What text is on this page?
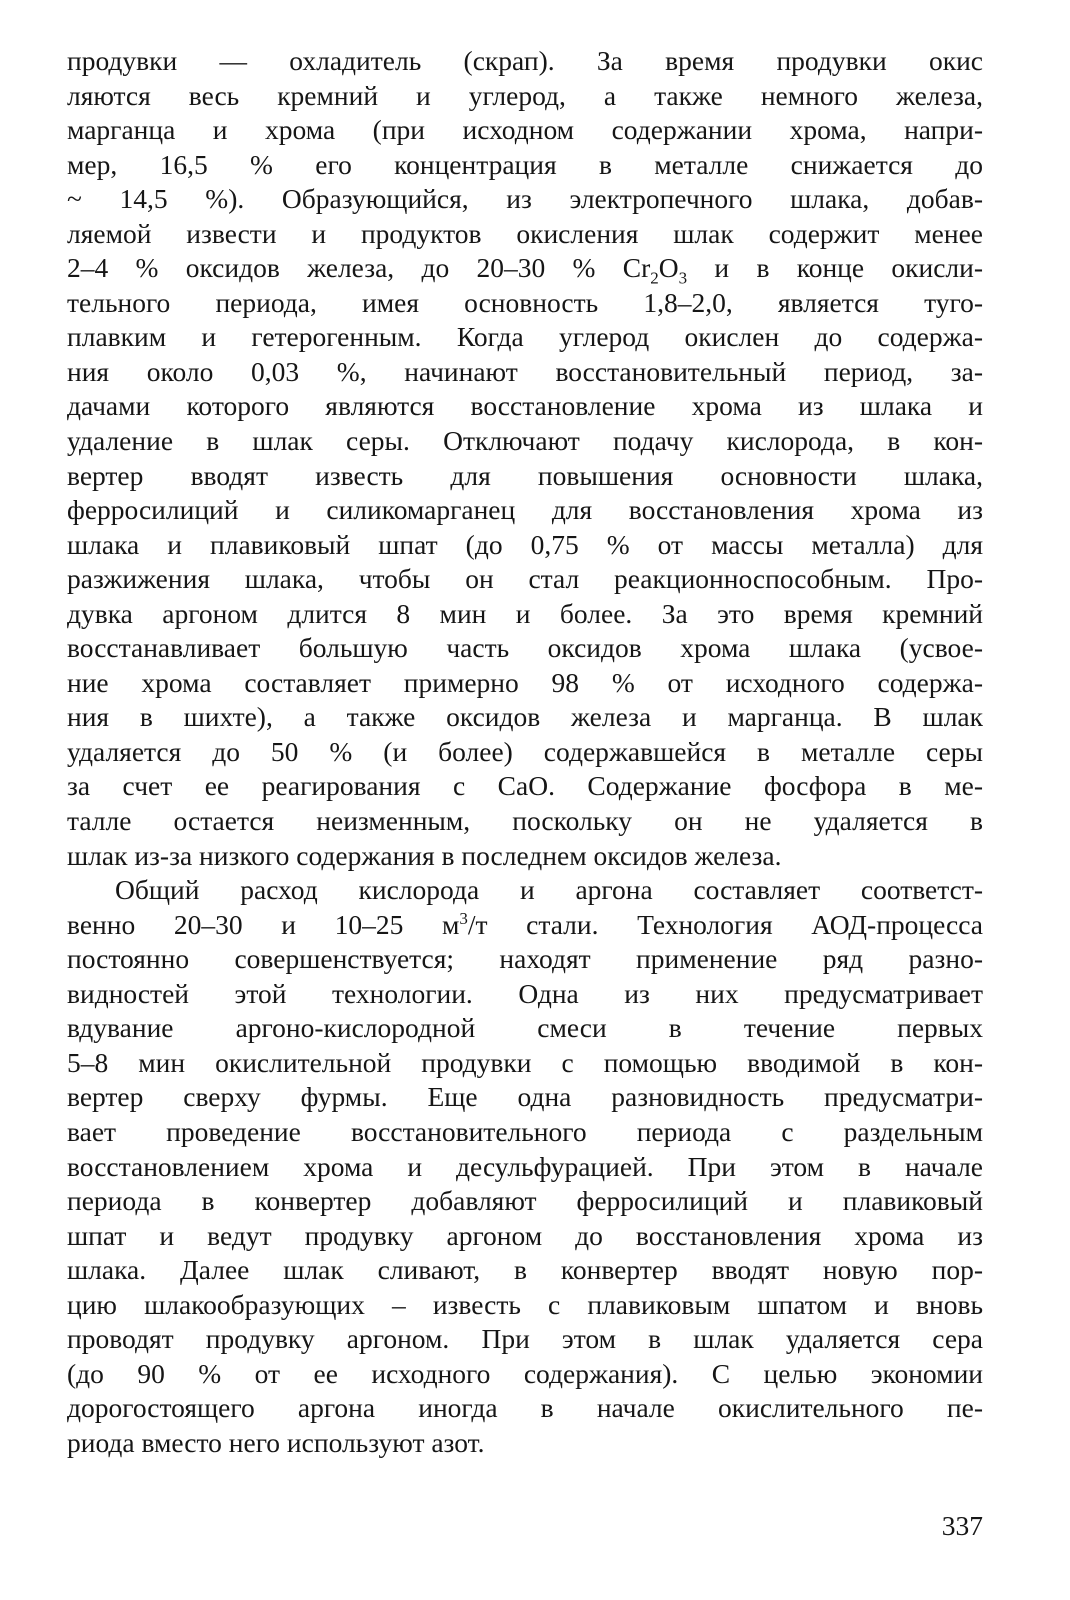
продувки — охладитель (скрап). За время продувки окис
ляются весь кремний и углерод, а также немного железа,
марганца и хрома (при исходном содержании хрома, напри-
мер, 16,5 % его концентрация в металле снижается до
~ 14,5 %). Образующийся, из электропечного шлака, добав-
ляемой извести и продуктов окисления шлак содержит менее
2–4 % оксидов железа, до 20–30 % $Cr_2O_3$ и в конце окисли-
тельного периода, имея основность 1,8–2,0, является туго-
плавким и гетерогенным. Когда углерод окислен до содержа-
ния около 0,03 %, начинают восстановительный период, за-
дачами которого являются восстановление хрома из шлака и
удаление в шлак серы. Отключают подачу кислорода, в кон-
вертер вводят известь для повышения основности шлака,
ферросилиций и силикомарганец для восстановления хрома из
шлака и плавиковый шпат (до 0,75 % от массы металла) для
разжижения шлака, чтобы он стал реакционноспособным. Про-
дувка аргоном длится 8 мин и более. За это время кремний
восстанавливает большую часть оксидов хрома шлака (усвое-
ние хрома составляет примерно 98 % от исходного содержа-
ния в шихте), а также оксидов железа и марганца. В шлак
удаляется до 50 % (и более) содержавшейся в металле серы
за счет ее реагирования с CaO. Содержание фосфора в ме-
талле остается неизменным, поскольку он не удаляется в
шлак из-за низкого содержания в последнем оксидов железа.
Общий расход кислорода и аргона составляет соответст-
венно 20–30 и 10–25 $м^3/т$ стали. Технология АОД-процесса
постоянно совершенствуется; находят применение ряд разно-
видностей этой технологии. Одна из них предусматривает
вдувание аргоно-кислородной смеси в течение первых
5–8 мин окислительной продувки с помощью вводимой в кон-
вертер сверху фурмы. Еще одна разновидность предусматри-
вает проведение восстановительного периода с раздельным
восстановлением хрома и десульфурацией. При этом в начале
периода в конвертер добавляют ферросилиций и плавиковый
шпат и ведут продувку аргоном до восстановления хрома из
шлака. Далее шлак сливают, в конвертер вводят новую пор-
цию шлакообразующих – известь с плавиковым шпатом и вновь
проводят продувку аргоном. При этом в шлак удаляется сера
(до 90 % от ее исходного содержания). С целью экономии
дорогостоящего аргона иногда в начале окислительного пе-
риода вместо него используют азот.
337
